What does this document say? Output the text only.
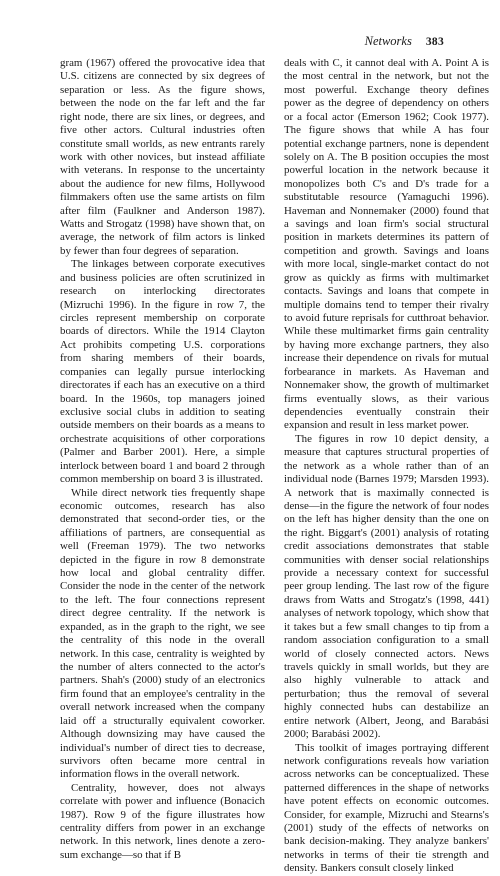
Networks 383

gram (1967) offered the provocative idea that U.S. citizens are connected by six degrees of separation or less. As the figure shows, between the node on the far left and the far right node, there are six lines, or degrees, and five other actors. Cultural industries often constitute small worlds, as new entrants rarely work with other novices, but instead affiliate with veterans. In response to the uncertainty about the audience for new films, Hollywood filmmakers often use the same artists on film after film (Faulkner and Anderson 1987). Watts and Strogatz (1998) have shown that, on average, the network of film actors is linked by fewer than four degrees of separation.

The linkages between corporate executives and business policies are often scrutinized in research on interlocking directorates (Mizruchi 1996). In the figure in row 7, the circles represent membership on corporate boards of directors. While the 1914 Clayton Act prohibits competing U.S. corporations from sharing members of their boards, companies can legally pursue interlocking directorates if each has an executive on a third board. In the 1960s, top managers joined exclusive social clubs in addition to seating outside members on their boards as a means to orchestrate acquisitions of other corporations (Palmer and Barber 2001). Here, a simple interlock between board 1 and board 2 through common membership on board 3 is illustrated.

While direct network ties frequently shape economic outcomes, research has also demonstrated that second-order ties, or the affiliations of partners, are consequential as well (Freeman 1979). The two networks depicted in the figure in row 8 demonstrate how local and global centrality differ. Consider the node in the center of the network to the left. The four connections represent direct degree centrality. If the network is expanded, as in the graph to the right, we see the centrality of this node in the overall network. In this case, centrality is weighted by the number of alters connected to the actor's partners. Shah's (2000) study of an electronics firm found that an employee's centrality in the overall network increased when the company laid off a structurally equivalent coworker. Although downsizing may have caused the individual's number of direct ties to decrease, survivors often became more central in information flows in the overall network.

Centrality, however, does not always correlate with power and influence (Bonacich 1987). Row 9 of the figure illustrates how centrality differs from power in an exchange network. In this network, lines denote a zero-sum exchange—so that if B

deals with C, it cannot deal with A. Point A is the most central in the network, but not the most powerful. Exchange theory defines power as the degree of dependency on others or a focal actor (Emerson 1962; Cook 1977). The figure shows that while A has four potential exchange partners, none is dependent solely on A. The B position occupies the most powerful location in the network because it monopolizes both C's and D's trade for a substitutable resource (Yamaguchi 1996). Haveman and Nonnemaker (2000) found that a savings and loan firm's social structural position in markets determines its pattern of competition and growth. Savings and loans with more local, single-market contact do not grow as quickly as firms with multimarket contacts. Savings and loans that compete in multiple domains tend to temper their rivalry to avoid future reprisals for cutthroat behavior. While these multimarket firms gain centrality by having more exchange partners, they also increase their dependence on rivals for mutual forbearance in markets. As Haveman and Nonnemaker show, the growth of multimarket firms eventually slows, as their various dependencies eventually constrain their expansion and result in less market power.

The figures in row 10 depict density, a measure that captures structural properties of the network as a whole rather than of an individual node (Barnes 1979; Marsden 1993). A network that is maximally connected is dense—in the figure the network of four nodes on the left has higher density than the one on the right. Biggart's (2001) analysis of rotating credit associations demonstrates that stable communities with denser social relationships provide a necessary context for successful peer group lending. The last row of the figure draws from Watts and Strogatz's (1998, 441) analyses of network topology, which show that it takes but a few small changes to tip from a random association configuration to a small world of closely connected actors. News travels quickly in small worlds, but they are also highly vulnerable to attack and perturbation; thus the removal of several highly connected hubs can destabilize an entire network (Albert, Jeong, and Barabási 2000; Barabási 2002).

This toolkit of images portraying different network configurations reveals how variation across networks can be conceptualized. These patterned differences in the shape of networks have potent effects on economic outcomes. Consider, for example, Mizruchi and Stearns's (2001) study of the effects of networks on bank decision-making. They analyze bankers' networks in terms of their tie strength and density. Bankers consult closely linked
